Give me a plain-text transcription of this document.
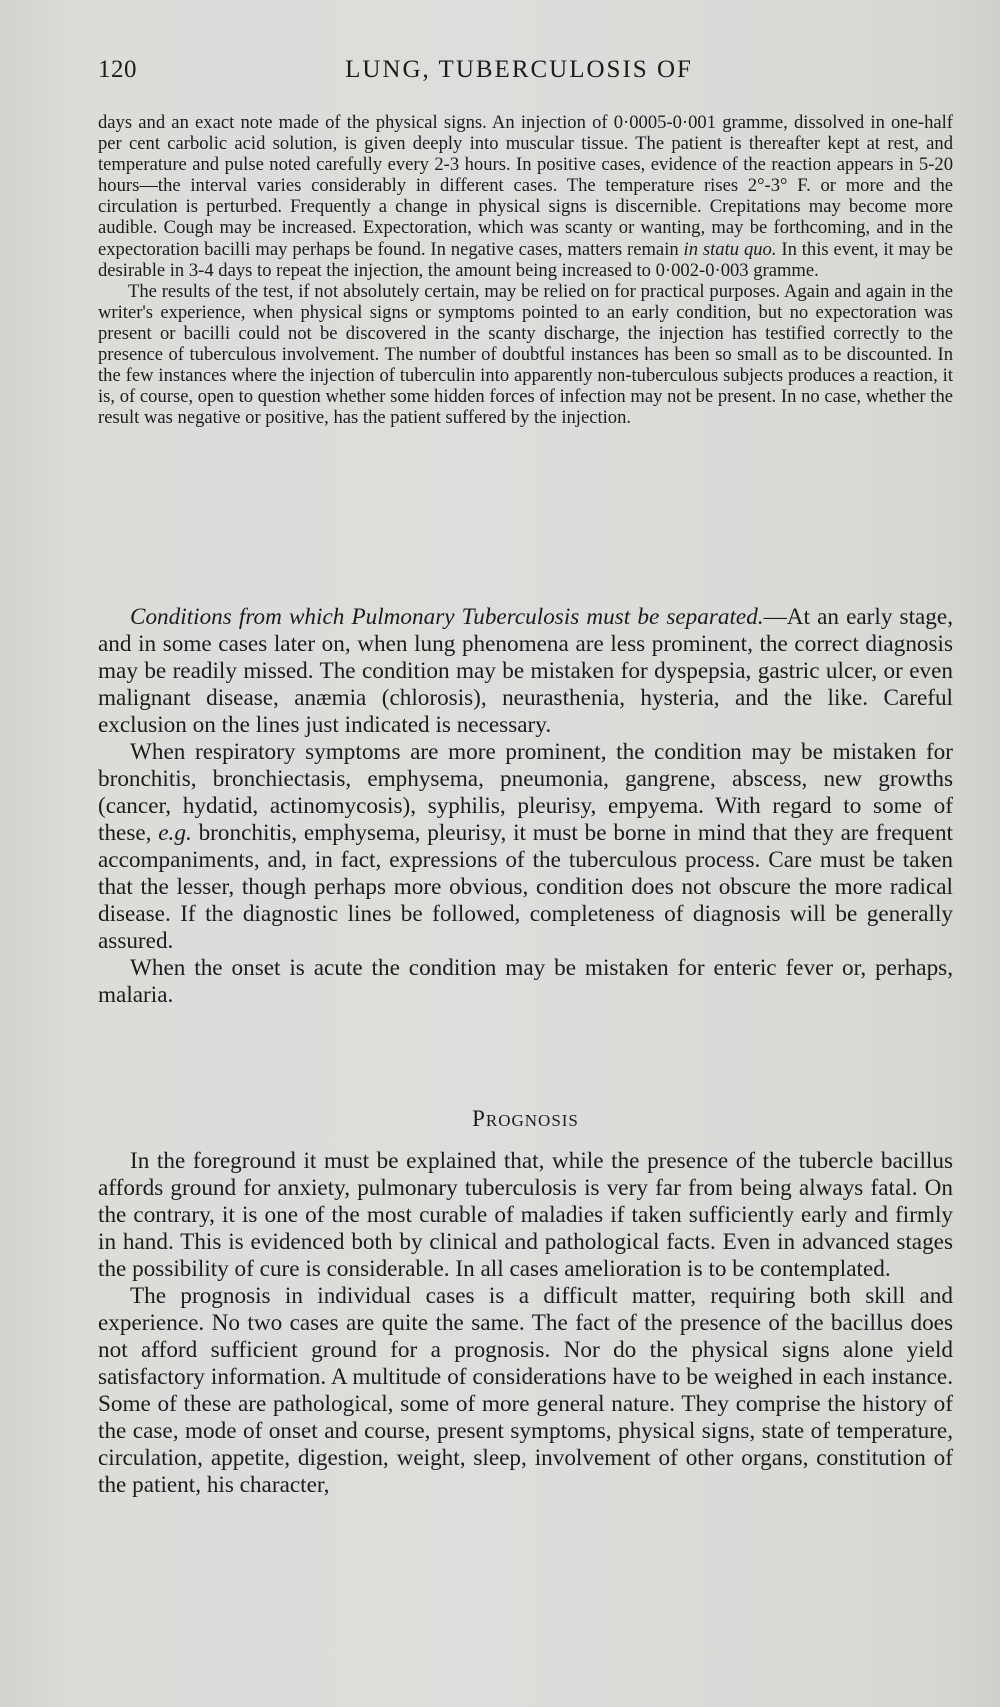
120	LUNG, TUBERCULOSIS OF

days and an exact note made of the physical signs. An injection of 0·0005-0·001 gramme, dissolved in one-half per cent carbolic acid solution, is given deeply into muscular tissue. The patient is thereafter kept at rest, and temperature and pulse noted carefully every 2-3 hours. In positive cases, evidence of the reaction appears in 5-20 hours—the interval varies considerably in different cases. The temperature rises 2°-3° F. or more and the circulation is perturbed. Frequently a change in physical signs is discernible. Crepitations may become more audible. Cough may be increased. Expectoration, which was scanty or wanting, may be forthcoming, and in the expectoration bacilli may perhaps be found. In negative cases, matters remain in statu quo. In this event, it may be desirable in 3-4 days to repeat the injection, the amount being increased to 0·002-0·003 gramme.

The results of the test, if not absolutely certain, may be relied on for practical purposes. Again and again in the writer's experience, when physical signs or symptoms pointed to an early condition, but no expectoration was present or bacilli could not be discovered in the scanty discharge, the injection has testified correctly to the presence of tuberculous involvement. The number of doubtful instances has been so small as to be discounted. In the few instances where the injection of tuberculin into apparently non-tuberculous subjects produces a reaction, it is, of course, open to question whether some hidden forces of infection may not be present. In no case, whether the result was negative or positive, has the patient suffered by the injection.

Conditions from which Pulmonary Tuberculosis must be separated.—At an early stage, and in some cases later on, when lung phenomena are less prominent, the correct diagnosis may be readily missed. The condition may be mistaken for dyspepsia, gastric ulcer, or even malignant disease, anæmia (chlorosis), neurasthenia, hysteria, and the like. Careful exclusion on the lines just indicated is necessary.

When respiratory symptoms are more prominent, the condition may be mistaken for bronchitis, bronchiectasis, emphysema, pneumonia, gangrene, abscess, new growths (cancer, hydatid, actinomycosis), syphilis, pleurisy, empyema. With regard to some of these, e.g. bronchitis, emphysema, pleurisy, it must be borne in mind that they are frequent accompaniments, and, in fact, expressions of the tuberculous process. Care must be taken that the lesser, though perhaps more obvious, condition does not obscure the more radical disease. If the diagnostic lines be followed, completeness of diagnosis will be generally assured.

When the onset is acute the condition may be mistaken for enteric fever or, perhaps, malaria.

PROGNOSIS

In the foreground it must be explained that, while the presence of the tubercle bacillus affords ground for anxiety, pulmonary tuberculosis is very far from being always fatal. On the contrary, it is one of the most curable of maladies if taken sufficiently early and firmly in hand. This is evidenced both by clinical and pathological facts. Even in advanced stages the possibility of cure is considerable. In all cases amelioration is to be contemplated.

The prognosis in individual cases is a difficult matter, requiring both skill and experience. No two cases are quite the same. The fact of the presence of the bacillus does not afford sufficient ground for a prognosis. Nor do the physical signs alone yield satisfactory information. A multitude of considerations have to be weighed in each instance. Some of these are pathological, some of more general nature. They comprise the history of the case, mode of onset and course, present symptoms, physical signs, state of temperature, circulation, appetite, digestion, weight, sleep, involvement of other organs, constitution of the patient, his character,
